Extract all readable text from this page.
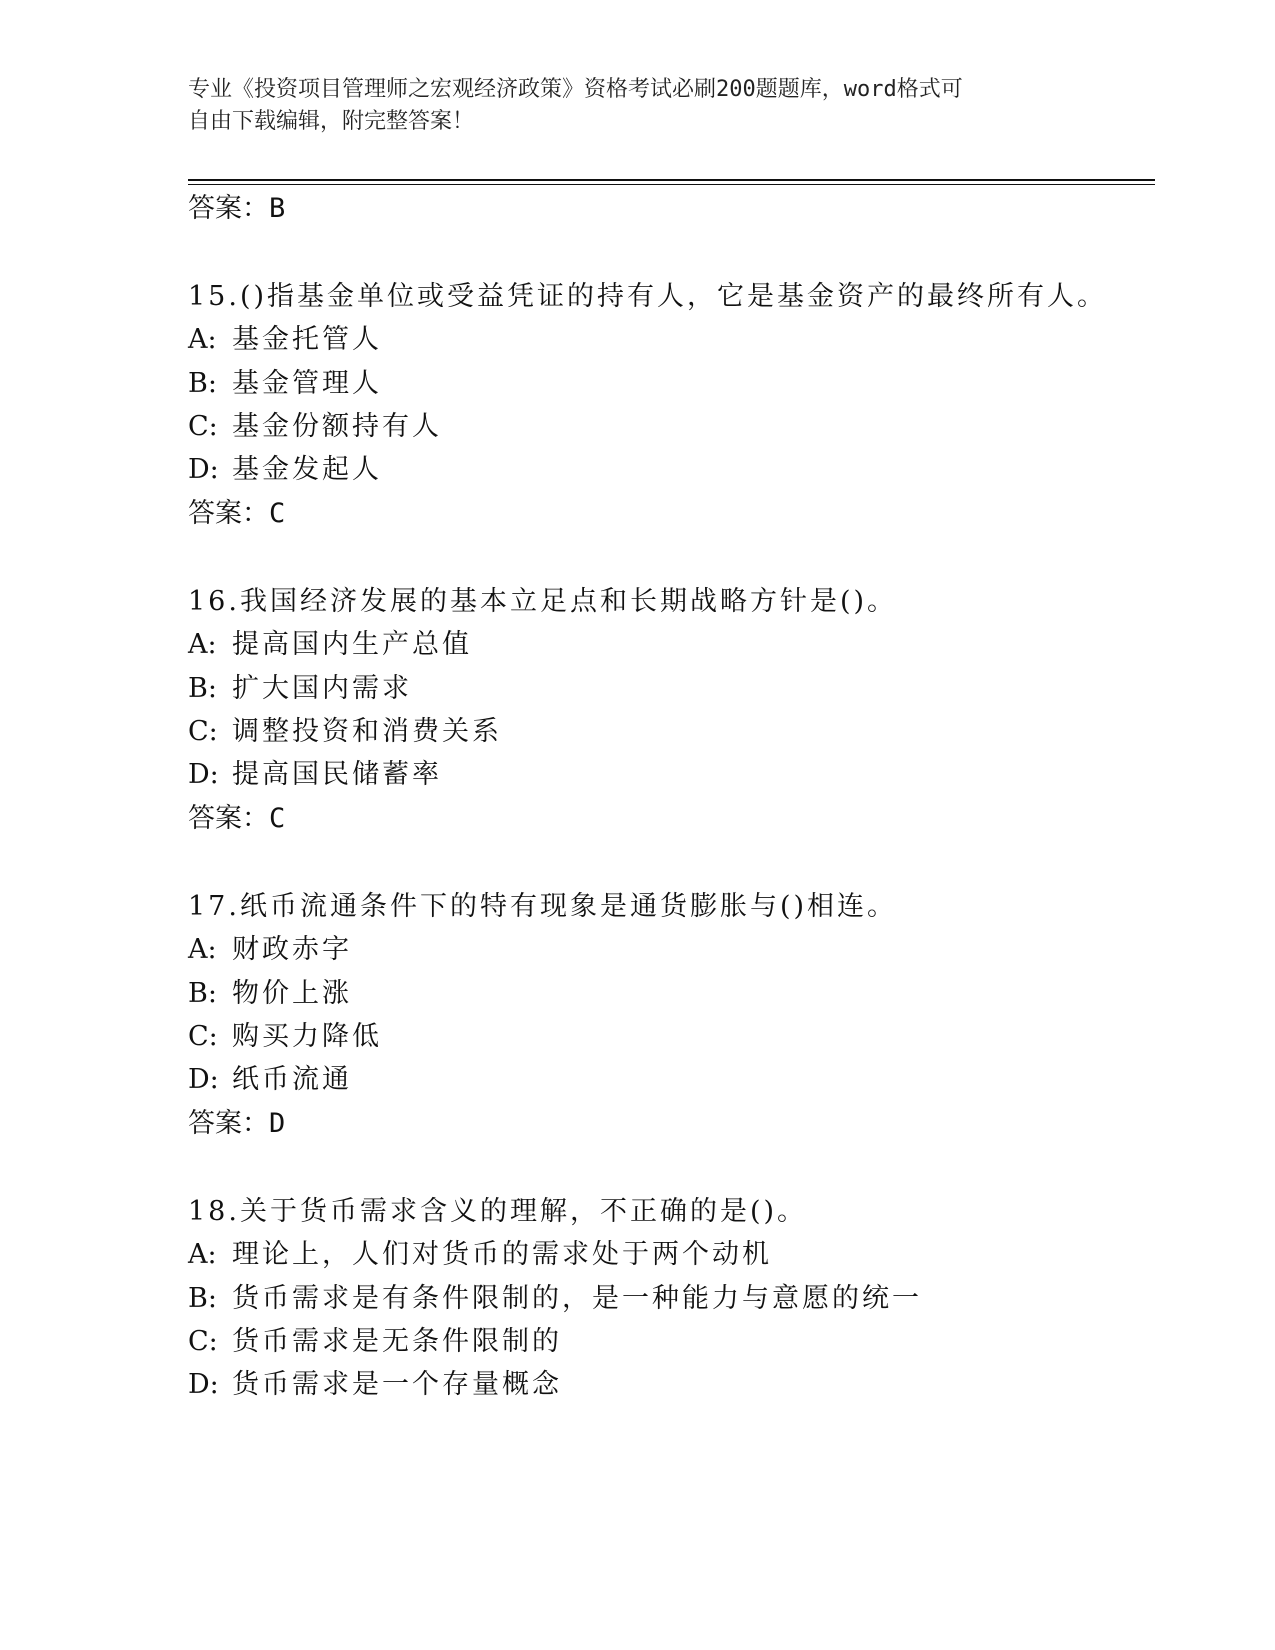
专业《投资项目管理师之宏观经济政策》资格考试必刷200题题库，word格式可
自由下载编辑，附完整答案！
答案：B
15.()指基金单位或受益凭证的持有人，它是基金资产的最终所有人。
A: 基金托管人
B: 基金管理人
C: 基金份额持有人
D: 基金发起人
答案：C
16.我国经济发展的基本立足点和长期战略方针是()。
A: 提高国内生产总值
B: 扩大国内需求
C: 调整投资和消费关系
D: 提高国民储蓄率
答案：C
17.纸币流通条件下的特有现象是通货膨胀与()相连。
A: 财政赤字
B: 物价上涨
C: 购买力降低
D: 纸币流通
答案：D
18.关于货币需求含义的理解，不正确的是()。
A: 理论上，人们对货币的需求处于两个动机
B: 货币需求是有条件限制的，是一种能力与意愿的统一
C: 货币需求是无条件限制的
D: 货币需求是一个存量概念
